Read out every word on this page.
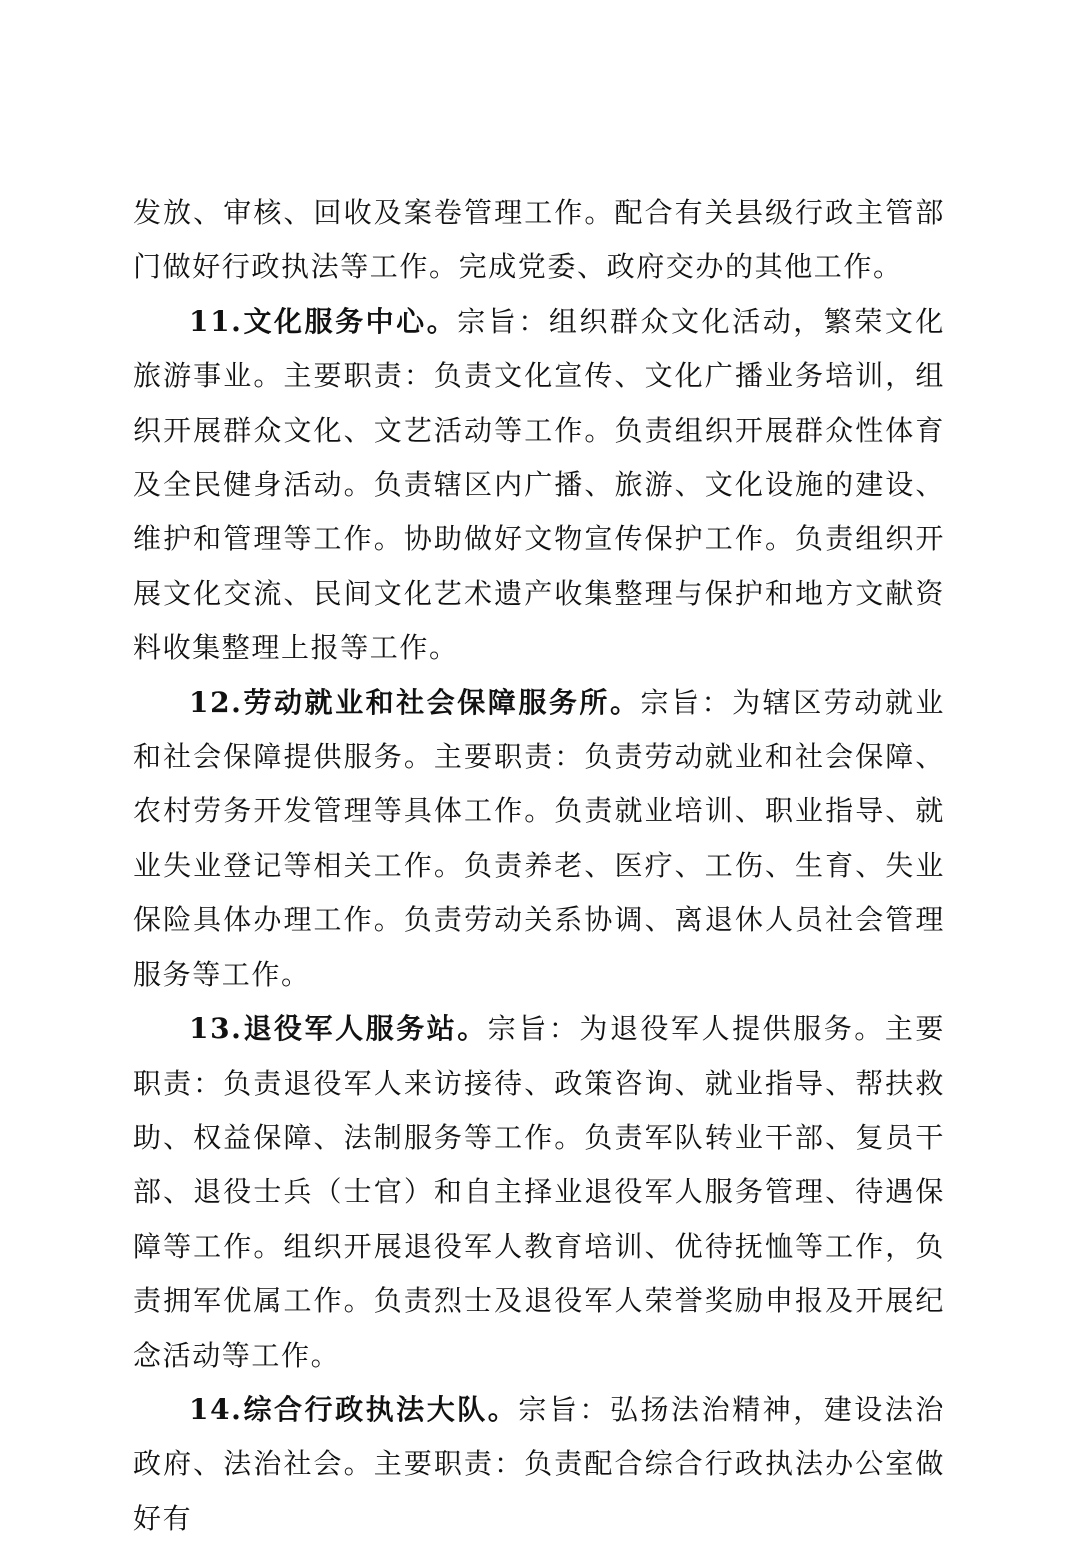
发放、审核、回收及案卷管理工作。配合有关县级行政主管部门做好行政执法等工作。完成党委、政府交办的其他工作。

11.文化服务中心。宗旨：组织群众文化活动，繁荣文化旅游事业。主要职责：负责文化宣传、文化广播业务培训，组织开展群众文化、文艺活动等工作。负责组织开展群众性体育及全民健身活动。负责辖区内广播、旅游、文化设施的建设、维护和管理等工作。协助做好文物宣传保护工作。负责组织开展文化交流、民间文化艺术遗产收集整理与保护和地方文献资料收集整理上报等工作。

12.劳动就业和社会保障服务所。宗旨：为辖区劳动就业和社会保障提供服务。主要职责：负责劳动就业和社会保障、农村劳务开发管理等具体工作。负责就业培训、职业指导、就业失业登记等相关工作。负责养老、医疗、工伤、生育、失业保险具体办理工作。负责劳动关系协调、离退休人员社会管理服务等工作。

13.退役军人服务站。宗旨：为退役军人提供服务。主要职责：负责退役军人来访接待、政策咨询、就业指导、帮扶救助、权益保障、法制服务等工作。负责军队转业干部、复员干部、退役士兵（士官）和自主择业退役军人服务管理、待遇保障等工作。组织开展退役军人教育培训、优待抚恤等工作，负责拥军优属工作。负责烈士及退役军人荣誉奖励申报及开展纪念活动等工作。

14.综合行政执法大队。宗旨：弘扬法治精神，建设法治政府、法治社会。主要职责：负责配合综合行政执法办公室做好有
